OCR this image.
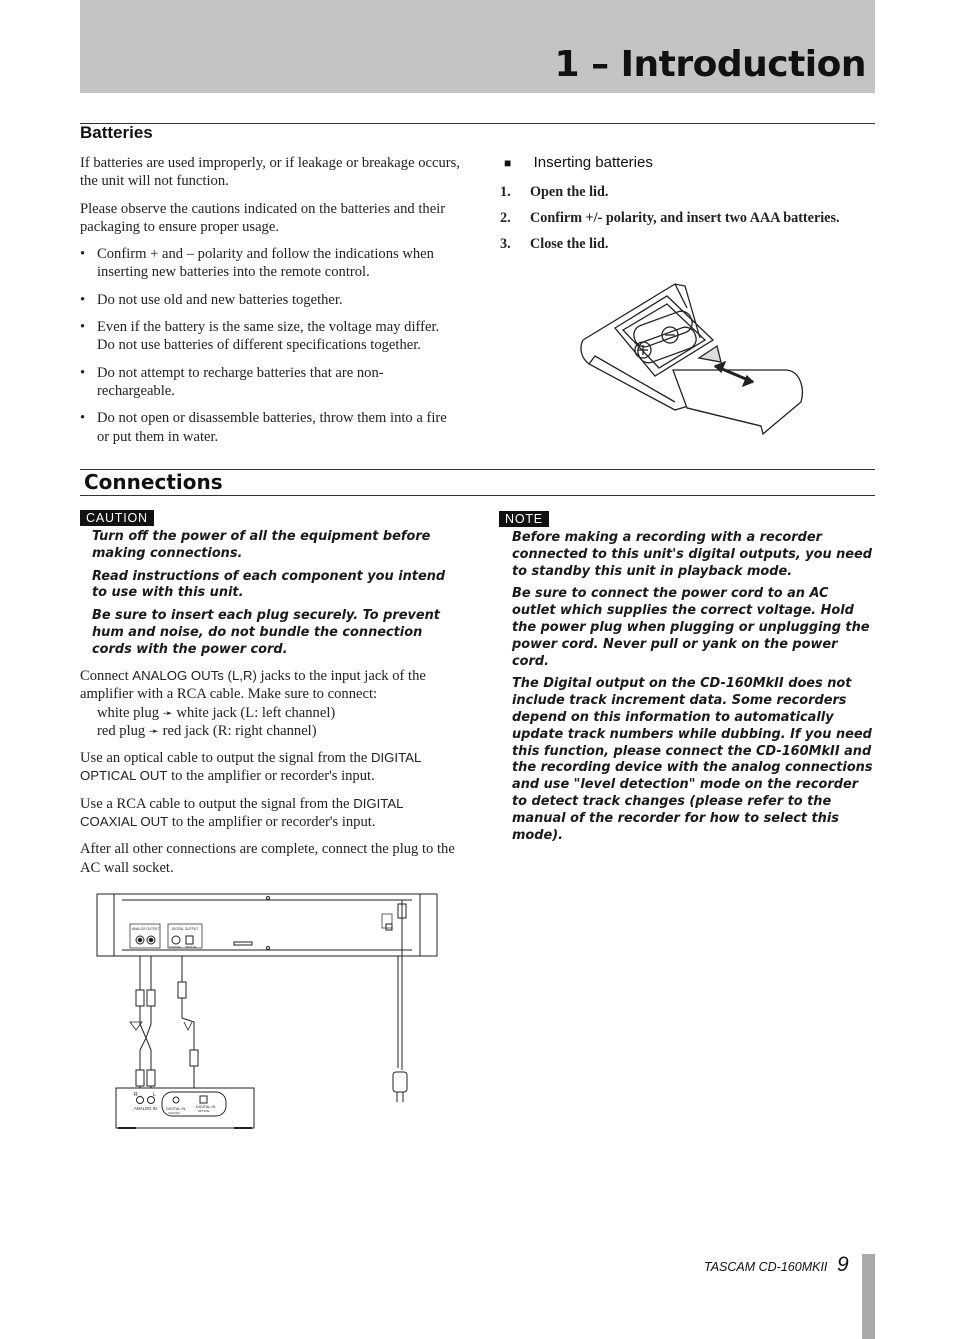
1 – Introduction
Batteries

If batteries are used improperly, or if leakage or breakage occurs, the unit will not function.

Please observe the cautions indicated on the batteries and their packaging to ensure proper usage.

• Confirm + and – polarity and follow the indications when inserting new batteries into the remote control.
• Do not use old and new batteries together.
• Even if the battery is the same size, the voltage may differ. Do not use batteries of different specifications together.
• Do not attempt to recharge batteries that are non-rechargeable.
• Do not open or disassemble batteries, throw them into a fire or put them in water.
■ Inserting batteries
1. Open the lid.
2. Confirm +/- polarity, and insert two AAA batteries.
3. Close the lid.
Connections
CAUTION

Turn off the power of all the equipment before making connections.

Read instructions of each component you intend to use with this unit.

Be sure to insert each plug securely. To prevent hum and noise, do not bundle the connection cords with the power cord.

Connect ANALOG OUTs (L,R) jacks to the input jack of the amplifier with a RCA cable. Make sure to connect:

white plug ➛ white jack (L: left channel)

red plug ➛ red jack (R: right channel)

Use an optical cable to output the signal from the DIGITAL OPTICAL OUT to the amplifier or recorder's input.

Use a RCA cable to output the signal from the DIGITAL COAXIAL OUT to the amplifier or recorder's input.

After all other connections are complete, connect the plug to the AC wall socket.

NOTE

Before making a recording with a recorder connected to this unit's digital outputs, you need to standby this unit in playback mode.

Be sure to connect the power cord to an AC outlet which supplies the correct voltage. Hold the power plug when plugging or unplugging the power cord. Never pull or yank on the power cord.

The Digital output on the CD-160MkII does not include track increment data. Some recorders depend on this information to automatically update track numbers while dubbing. If you need this function, please connect the CD-160MkII and the recording device with the analog connections and use "level detection" mode on the recorder to detect track changes (please refer to the manual of the recorder for how to select this mode).

ANALOG OUTPUT	DIGITAL OUTPUT
COAXIAL OPTICAL
R	L
ANALOG IN DIGITAL IN
COAXIAL
DIGITAL IN
OPTICAL
TASCAM CD-160MKII 9
